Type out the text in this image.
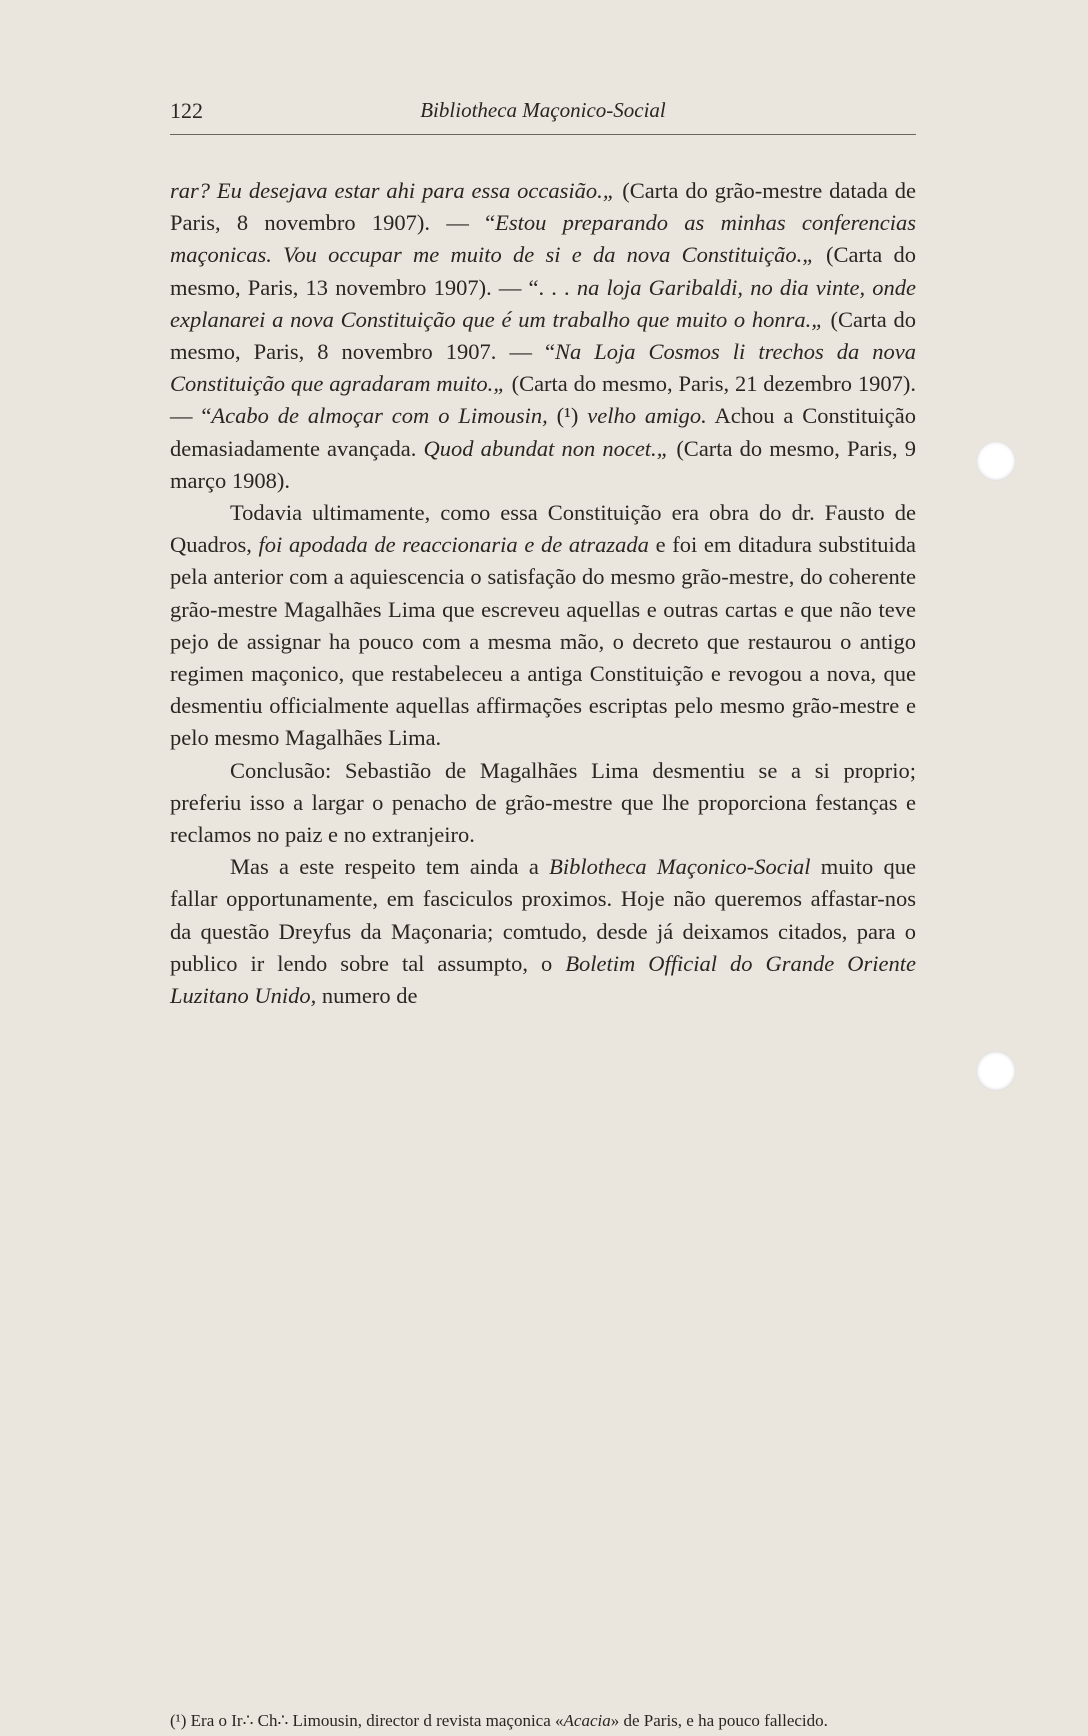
122	Bibliotheca Maçonico-Social

rar? Eu desejava estar ahi para essa occasião.„ (Carta do grão-mestre datada de Paris, 8 novembro 1907). — “Estou preparando as minhas conferencias maçonicas. Vou occupar me muito de si e da nova Constituição.„ (Carta do mesmo, Paris, 13 novembro 1907). — “. . . na loja Garibaldi, no dia vinte, onde explanarei a nova Constituição que é um trabalho que muito o honra.„ (Carta do mesmo, Paris, 8 novembro 1907. — “Na Loja Cosmos li trechos da nova Constituição que agradaram muito.„ (Carta do mesmo, Paris, 21 dezembro 1907). — “Acabo de almoçar com o Limousin, (¹) velho amigo. Achou a Constituição demasiadamente avançada. Quod abundat non nocet.„ (Carta do mesmo, Paris, 9 março 1908).

Todavia ultimamente, como essa Constituição era obra do dr. Fausto de Quadros, foi apodada de reaccionaria e de atrazada e foi em ditadura substituida pela anterior com a aquiescencia o satisfação do mesmo grão-mestre, do coherente grão-mestre Magalhães Lima que escreveu aquellas e outras cartas e que não teve pejo de assignar ha pouco com a mesma mão, o decreto que restaurou o antigo regimen maçonico, que restabeleceu a antiga Constituição e revogou a nova, que desmentiu officialmente aquellas affirmações escriptas pelo mesmo grão-mestre e pelo mesmo Magalhães Lima.

Conclusão: Sebastião de Magalhães Lima desmentiu se a si proprio; preferiu isso a largar o penacho de grão-mestre que lhe proporciona festanças e reclamos no paiz e no extranjeiro.

Mas a este respeito tem ainda a Biblotheca Maçonico-Social muito que fallar opportunamente, em fasciculos proximos. Hoje não queremos affastar-nos da questão Dreyfus da Maçonaria; comtudo, desde já deixamos citados, para o publico ir lendo sobre tal assumpto, o Boletim Official do Grande Oriente Luzitano Unido, numero de

(¹) Era o Ir∴ Ch∴ Limousin, director d revista maçonica «Acacia» de Paris, e ha pouco fallecido.
